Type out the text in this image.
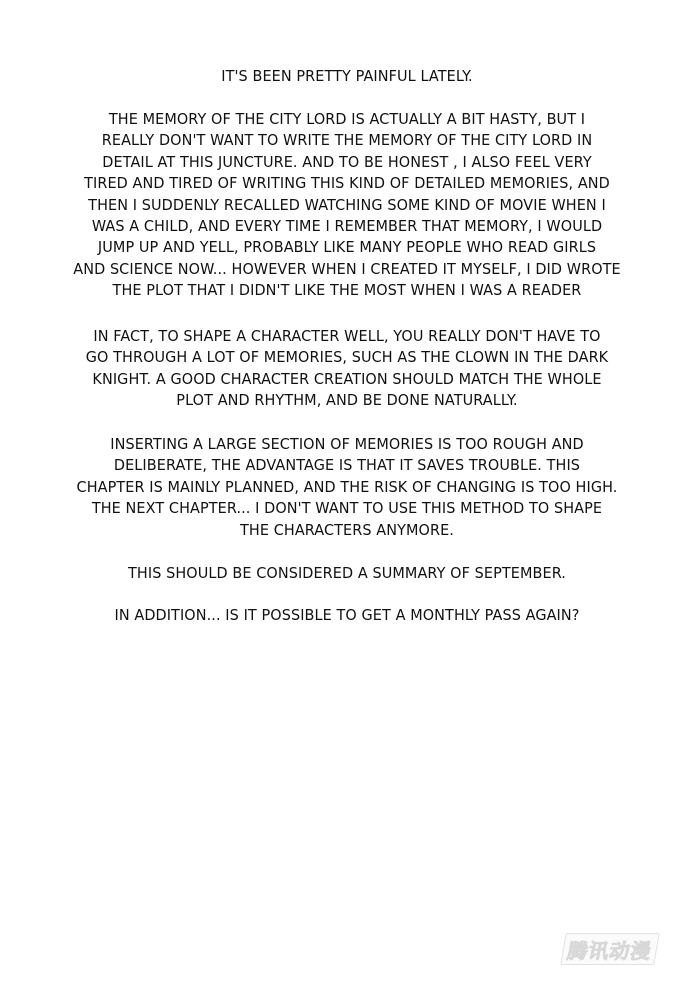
IT'S BEEN PRETTY PAINFUL LATELY.
THE MEMORY OF THE CITY LORD IS ACTUALLY A BIT HASTY, BUT I
REALLY DON'T WANT TO WRITE THE MEMORY OF THE CITY LORD IN
DETAIL AT THIS JUNCTURE. AND TO BE HONEST , I ALSO FEEL VERY
TIRED AND TIRED OF WRITING THIS KIND OF DETAILED MEMORIES, AND
THEN I SUDDENLY RECALLED WATCHING SOME KIND OF MOVIE WHEN I
WAS A CHILD, AND EVERY TIME I REMEMBER THAT MEMORY, I WOULD
JUMP UP AND YELL, PROBABLY LIKE MANY PEOPLE WHO READ GIRLS
AND SCIENCE NOW... HOWEVER WHEN I CREATED IT MYSELF, I DID WROTE
THE PLOT THAT I DIDN'T LIKE THE MOST WHEN I WAS A READER
IN FACT, TO SHAPE A CHARACTER WELL, YOU REALLY DON'T HAVE TO
GO THROUGH A LOT OF MEMORIES, SUCH AS THE CLOWN IN THE DARK
KNIGHT. A GOOD CHARACTER CREATION SHOULD MATCH THE WHOLE
PLOT AND RHYTHM, AND BE DONE NATURALLY.
INSERTING A LARGE SECTION OF MEMORIES IS TOO ROUGH AND
DELIBERATE, THE ADVANTAGE IS THAT IT SAVES TROUBLE. THIS
CHAPTER IS MAINLY PLANNED, AND THE RISK OF CHANGING IS TOO HIGH.
THE NEXT CHAPTER... I DON'T WANT TO USE THIS METHOD TO SHAPE
THE CHARACTERS ANYMORE.
THIS SHOULD BE CONSIDERED A SUMMARY OF SEPTEMBER.
IN ADDITION... IS IT POSSIBLE TO GET A MONTHLY PASS AGAIN?
腾讯动漫
